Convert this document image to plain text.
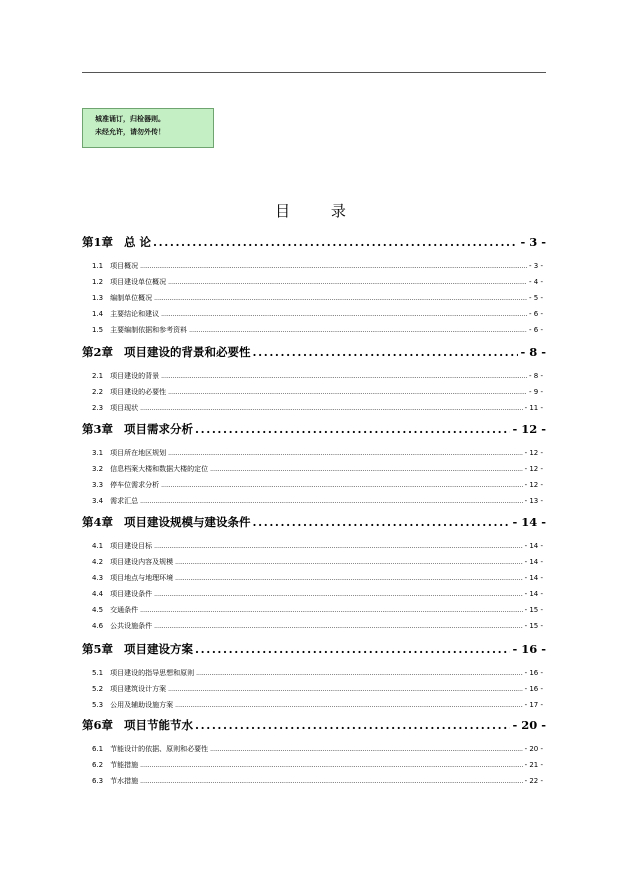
城准诵订，归检器则。
未经允许，请勿外传！
目 录
第1章 总 论 .....	- 3 -
1.1 项目概况 .....	- 3 -
1.2 项目建设单位概况 .....	- 4 -
1.3 编制单位概况 .....	- 5 -
1.4 主要结论和建议 .....	- 6 -
1.5 主要编制依据和参考资料 .....	- 6 -
第2章 项目建设的背景和必要性 .....	- 8 -
2.1 项目建设的背景 .....	- 8 -
2.2 项目建设的必要性 .....	- 9 -
2.3 项目现状 .....	- 11 -
第3章 项目需求分析 .....	- 12 -
3.1 项目所在地区规划 .....	- 12 -
3.2 信息档案大楼和数据大楼的定位 .....	- 12 -
3.3 停车位需求分析 .....	- 12 -
3.4 需求汇总 .....	- 13 -
第4章 项目建设规模与建设条件 .....	- 14 -
4.1 项目建设目标 .....	- 14 -
4.2 项目建设内容及规模 .....	- 14 -
4.3 项目地点与地理环境 .....	- 14 -
4.4 项目建设条件 .....	- 14 -
4.5 交通条件 .....	- 15 -
4.6 公共设施条件 .....	- 15 -
第5章 项目建设方案 .....	- 16 -
5.1 项目建设的指导思想和原则 .....	- 16 -
5.2 项目建筑设计方案 .....	- 16 -
5.3 公用及辅助设施方案 .....	- 17 -
第6章 项目节能节水 .....	- 20 -
6.1 节能设计的依据、原则和必要性 .....	- 20 -
6.2 节能措施 .....	- 21 -
6.3 节水措施 .....	- 22 -
